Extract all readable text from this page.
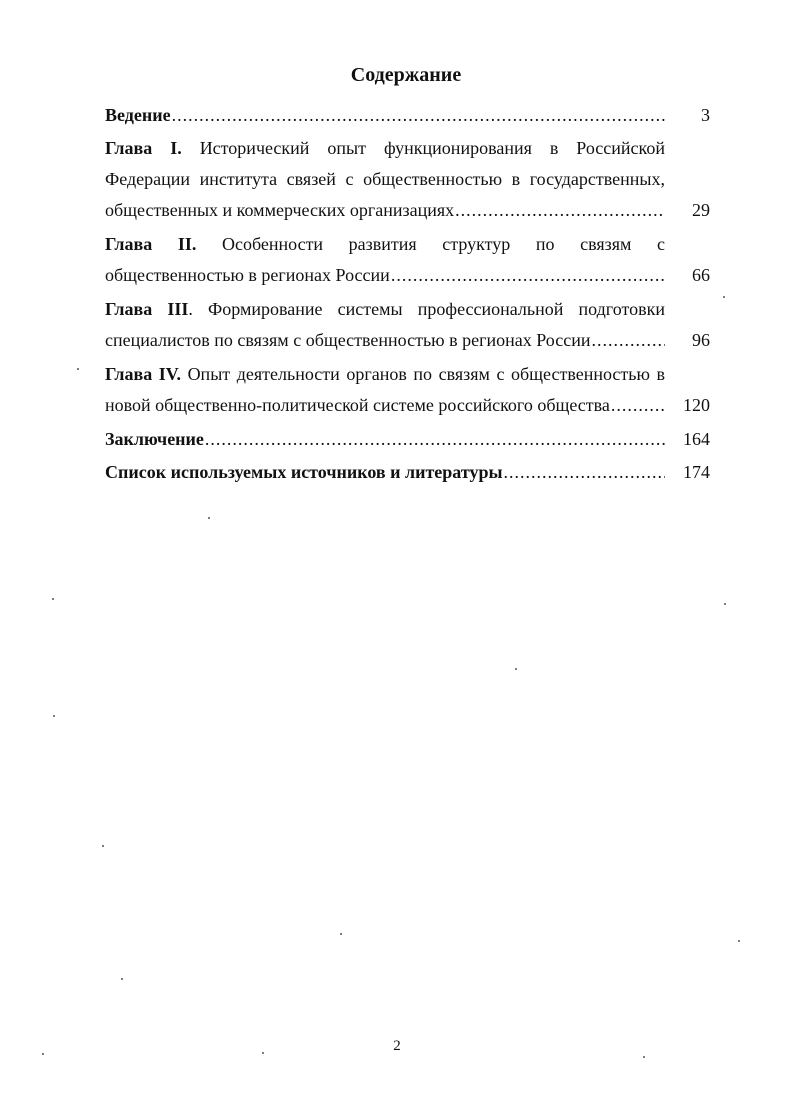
Содержание
Ведение .....	3
Глава I. Исторический опыт функционирования в Российской
Федерации института связей с общественностью в государственных,
общественных и коммерческих организациях .....	29
Глава II. Особенности развития структур по связям с
общественностью в регионах России .....	66
Глава III. Формирование системы профессиональной подготовки
специалистов по связям с общественностью в регионах России .....	96
Глава IV. Опыт деятельности органов по связям с общественностью в
новой общественно-политической системе российского общества .....	120
Заключение .....	164
Список используемых источников и литературы .....	174
2
